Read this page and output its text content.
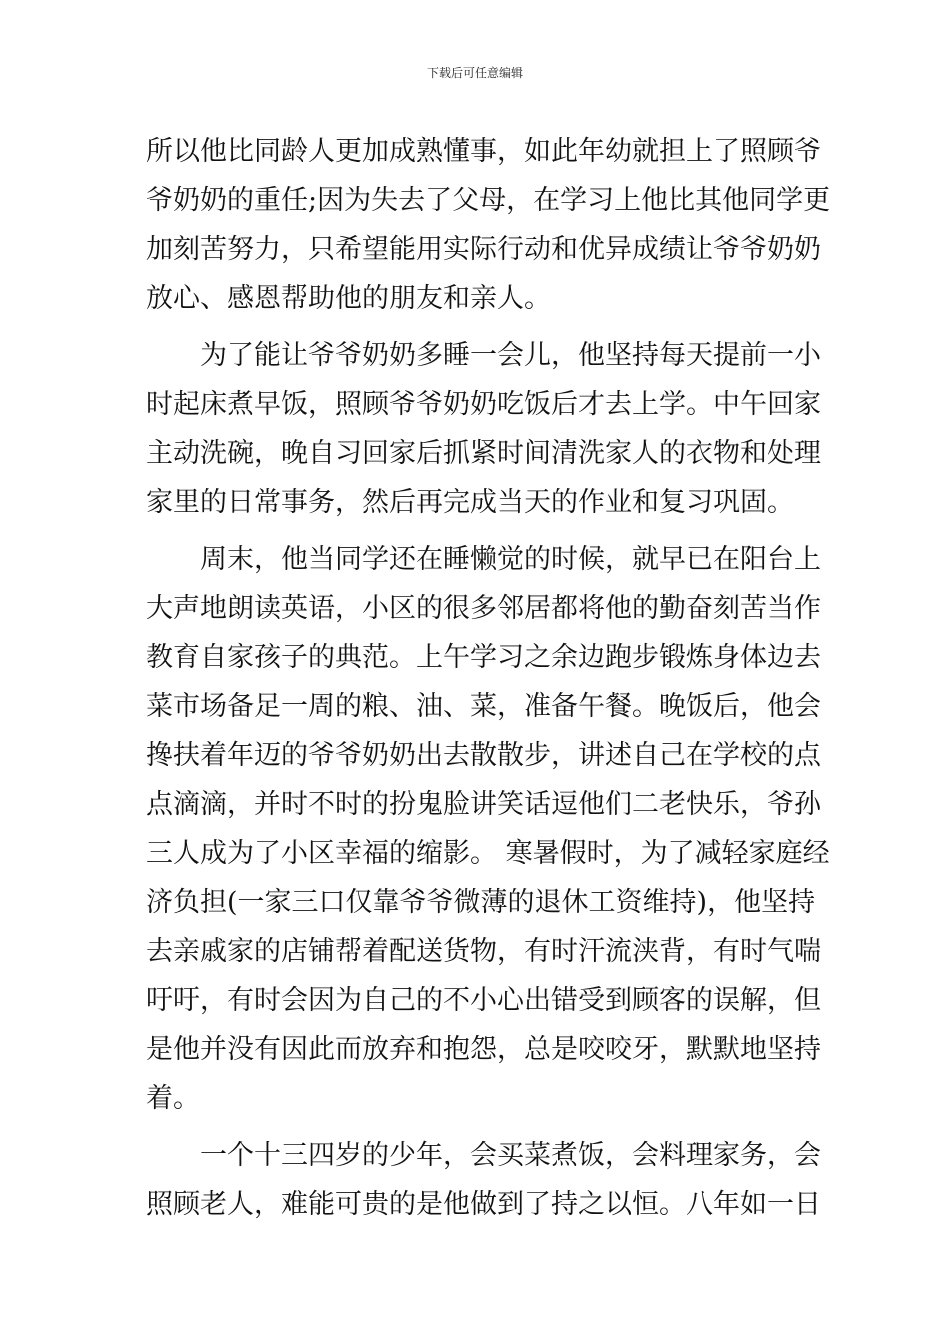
下载后可任意编辑
所以他比同龄人更加成熟懂事，如此年幼就担上了照顾爷
爷奶奶的重任;因为失去了父母，在学习上他比其他同学更
加刻苦努力，只希望能用实际行动和优异成绩让爷爷奶奶
放心、感恩帮助他的朋友和亲人。
为了能让爷爷奶奶多睡一会儿，他坚持每天提前一小
时起床煮早饭，照顾爷爷奶奶吃饭后才去上学。中午回家
主动洗碗，晚自习回家后抓紧时间清洗家人的衣物和处理
家里的日常事务，然后再完成当天的作业和复习巩固。
周末，他当同学还在睡懒觉的时候，就早已在阳台上
大声地朗读英语，小区的很多邻居都将他的勤奋刻苦当作
教育自家孩子的典范。上午学习之余边跑步锻炼身体边去
菜市场备足一周的粮、油、菜，准备午餐。晚饭后，他会
搀扶着年迈的爷爷奶奶出去散散步，讲述自己在学校的点
点滴滴，并时不时的扮鬼脸讲笑话逗他们二老快乐，爷孙
三人成为了小区幸福的缩影。 寒暑假时，为了减轻家庭经
济负担(一家三口仅靠爷爷微薄的退休工资维持)，他坚持
去亲戚家的店铺帮着配送货物，有时汗流浃背，有时气喘
吁吁，有时会因为自己的不小心出错受到顾客的误解，但
是他并没有因此而放弃和抱怨，总是咬咬牙，默默地坚持
着。
一个十三四岁的少年，会买菜煮饭，会料理家务，会
照顾老人，难能可贵的是他做到了持之以恒。八年如一日
